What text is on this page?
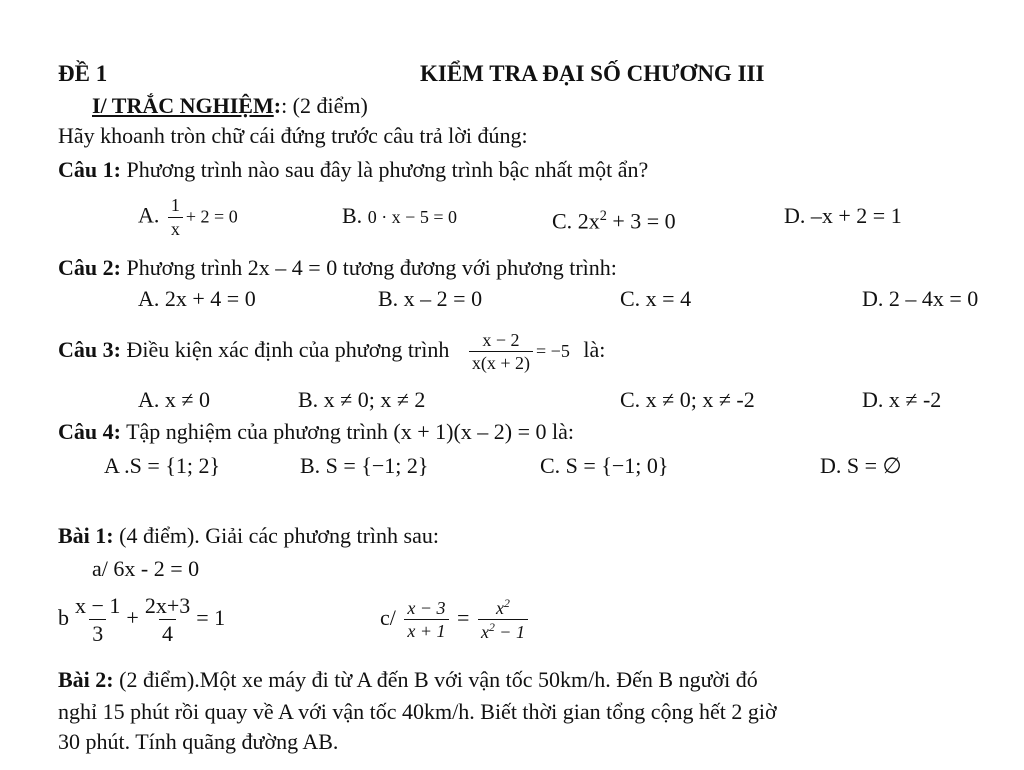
ĐỀ 1	KIỂM TRA ĐẠI SỐ CHƯƠNG III
I/ TRẮC NGHIỆM:: (2 điểm)
Hãy khoanh tròn chữ cái đứng trước câu trả lời đúng:
Câu 1: Phương trình nào sau đây là phương trình bậc nhất một ẩn?
A. $\frac{1}{x} + 2 = 0$	B. 0 · x − 5 = 0	C. $2x^2 + 3 = 0$	D. –x + 2 = 1
Câu 2: Phương trình 2x – 4 = 0 tương đương với phương trình:
A. 2x + 4 = 0	B. x – 2 = 0	C. x = 4	D. 2 – 4x = 0
Câu 3: Điều kiện xác định của phương trình $\frac{x - 2}{x(x + 2)} = -5$ là:
A. x ≠ 0	B. x ≠ 0; x ≠ 2	C. x ≠ 0; x ≠ -2	D. x ≠ -2
Câu 4: Tập nghiệm của phương trình (x + 1)(x – 2) = 0 là:
A .S = {1; 2}	B. S = {−1; 2}	C. S = {−1; 0}	D. S = ∅
Bài 1: (4 điểm). Giải các phương trình sau:
a/ 6x - 2 = 0
b $\frac{x - 1}{3} + \frac{2x+3}{4} = 1$	$c/ \frac{x - 3}{x + 1} = \frac{x^2}{x^2 - 1}$
Bài 2: (2 điểm).Một xe máy đi từ A đến B với vận tốc 50km/h. Đến B người đó
nghỉ 15 phút rồi quay về A với vận tốc 40km/h. Biết thời gian tổng cộng hết 2 giờ
30 phút. Tính quãng đường AB.
